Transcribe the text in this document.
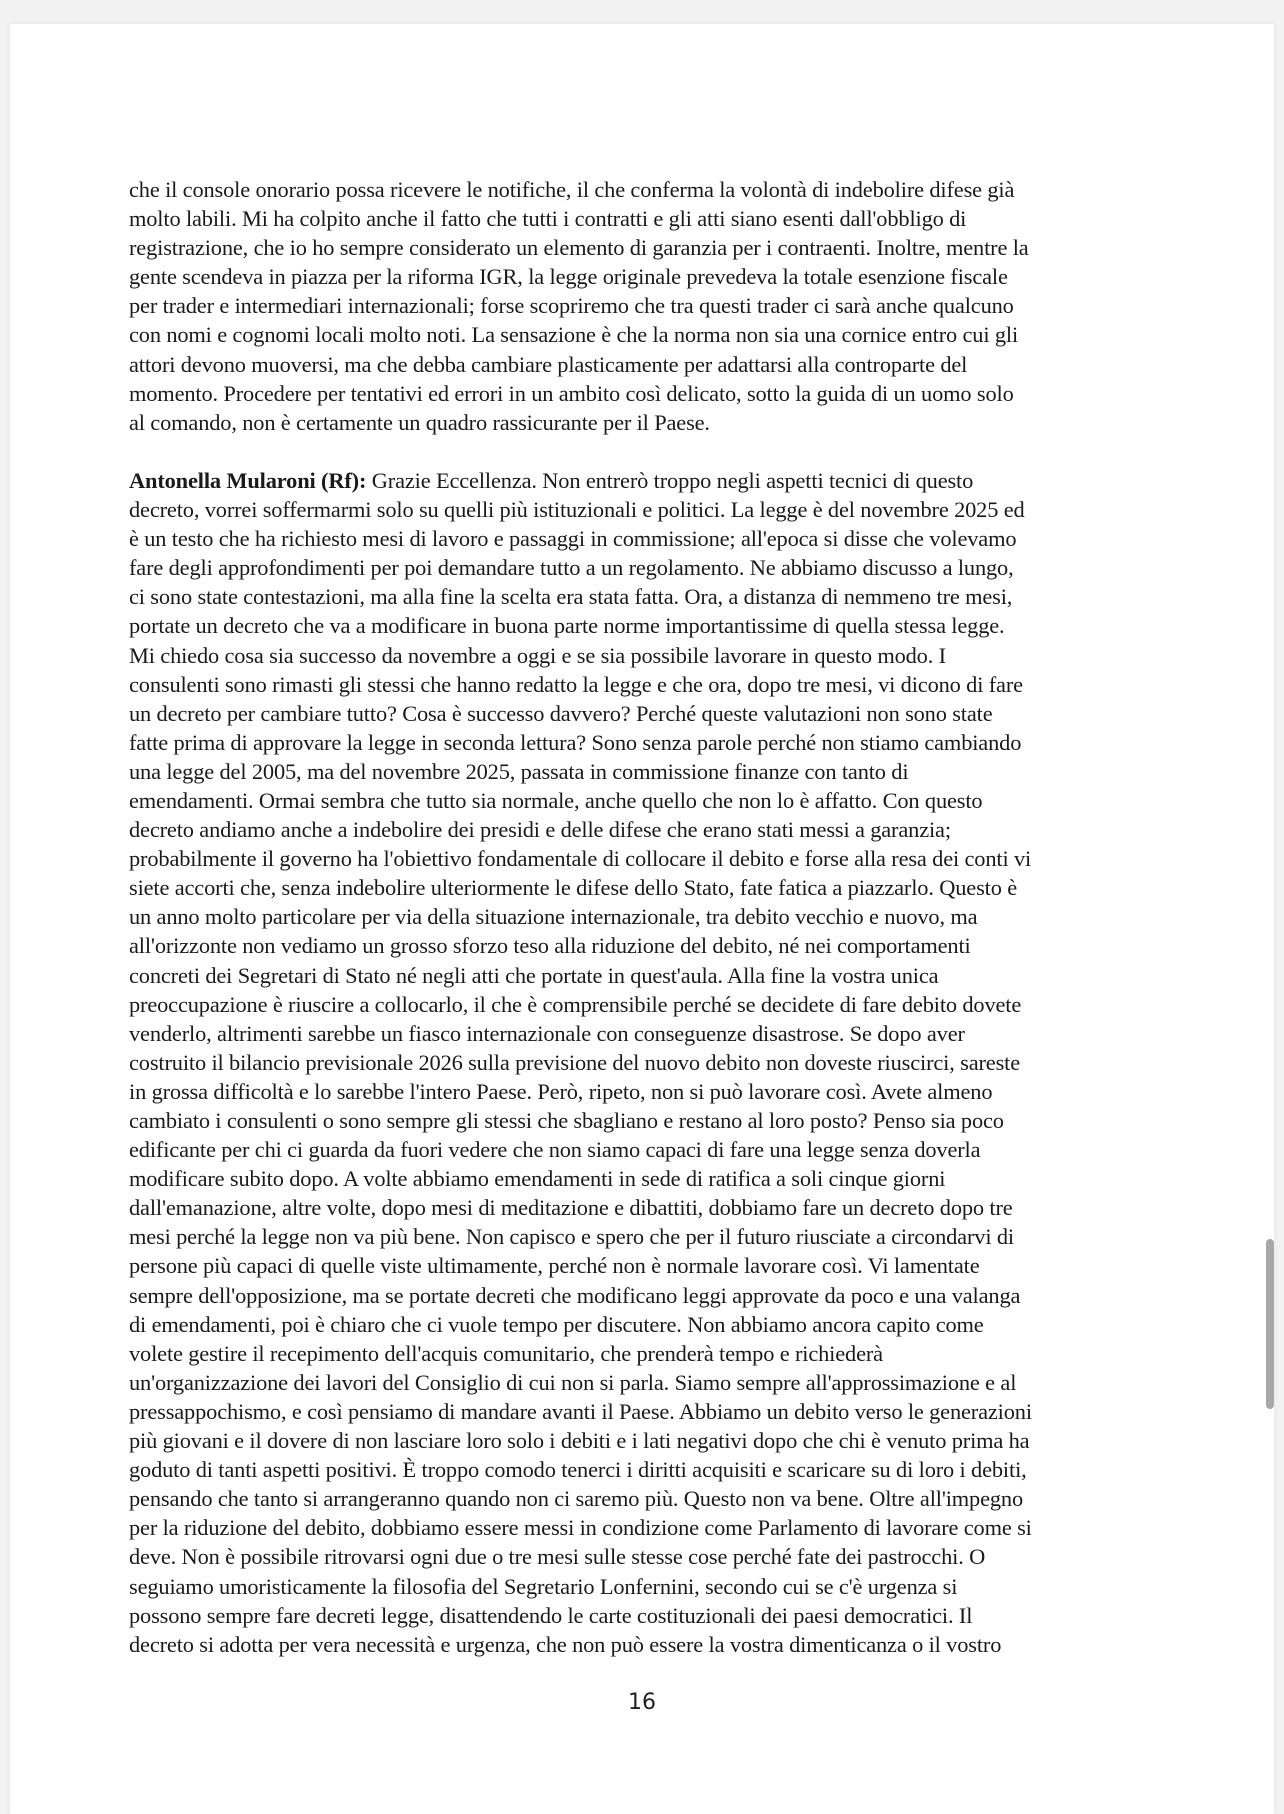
che il console onorario possa ricevere le notifiche, il che conferma la volontà di indebolire difese già
molto labili. Mi ha colpito anche il fatto che tutti i contratti e gli atti siano esenti dall'obbligo di
registrazione, che io ho sempre considerato un elemento di garanzia per i contraenti. Inoltre, mentre la
gente scendeva in piazza per la riforma IGR, la legge originale prevedeva la totale esenzione fiscale
per trader e intermediari internazionali; forse scopriremo che tra questi trader ci sarà anche qualcuno
con nomi e cognomi locali molto noti. La sensazione è che la norma non sia una cornice entro cui gli
attori devono muoversi, ma che debba cambiare plasticamente per adattarsi alla controparte del
momento. Procedere per tentativi ed errori in un ambito così delicato, sotto la guida di un uomo solo
al comando, non è certamente un quadro rassicurante per il Paese.

Antonella Mularoni (Rf): Grazie Eccellenza. Non entrerò troppo negli aspetti tecnici di questo
decreto, vorrei soffermarmi solo su quelli più istituzionali e politici. La legge è del novembre 2025 ed
è un testo che ha richiesto mesi di lavoro e passaggi in commissione; all'epoca si disse che volevamo
fare degli approfondimenti per poi demandare tutto a un regolamento. Ne abbiamo discusso a lungo,
ci sono state contestazioni, ma alla fine la scelta era stata fatta. Ora, a distanza di nemmeno tre mesi,
portate un decreto che va a modificare in buona parte norme importantissime di quella stessa legge.
Mi chiedo cosa sia successo da novembre a oggi e se sia possibile lavorare in questo modo. I
consulenti sono rimasti gli stessi che hanno redatto la legge e che ora, dopo tre mesi, vi dicono di fare
un decreto per cambiare tutto? Cosa è successo davvero? Perché queste valutazioni non sono state
fatte prima di approvare la legge in seconda lettura? Sono senza parole perché non stiamo cambiando
una legge del 2005, ma del novembre 2025, passata in commissione finanze con tanto di
emendamenti. Ormai sembra che tutto sia normale, anche quello che non lo è affatto. Con questo
decreto andiamo anche a indebolire dei presidi e delle difese che erano stati messi a garanzia;
probabilmente il governo ha l'obiettivo fondamentale di collocare il debito e forse alla resa dei conti vi
siete accorti che, senza indebolire ulteriormente le difese dello Stato, fate fatica a piazzarlo. Questo è
un anno molto particolare per via della situazione internazionale, tra debito vecchio e nuovo, ma
all'orizzonte non vediamo un grosso sforzo teso alla riduzione del debito, né nei comportamenti
concreti dei Segretari di Stato né negli atti che portate in quest'aula. Alla fine la vostra unica
preoccupazione è riuscire a collocarlo, il che è comprensibile perché se decidete di fare debito dovete
venderlo, altrimenti sarebbe un fiasco internazionale con conseguenze disastrose. Se dopo aver
costruito il bilancio previsionale 2026 sulla previsione del nuovo debito non doveste riuscirci, sareste
in grossa difficoltà e lo sarebbe l'intero Paese. Però, ripeto, non si può lavorare così. Avete almeno
cambiato i consulenti o sono sempre gli stessi che sbagliano e restano al loro posto? Penso sia poco
edificante per chi ci guarda da fuori vedere che non siamo capaci di fare una legge senza doverla
modificare subito dopo. A volte abbiamo emendamenti in sede di ratifica a soli cinque giorni
dall'emanazione, altre volte, dopo mesi di meditazione e dibattiti, dobbiamo fare un decreto dopo tre
mesi perché la legge non va più bene. Non capisco e spero che per il futuro riusciate a circondarvi di
persone più capaci di quelle viste ultimamente, perché non è normale lavorare così. Vi lamentate
sempre dell'opposizione, ma se portate decreti che modificano leggi approvate da poco e una valanga
di emendamenti, poi è chiaro che ci vuole tempo per discutere. Non abbiamo ancora capito come
volete gestire il recepimento dell'acquis comunitario, che prenderà tempo e richiederà
un'organizzazione dei lavori del Consiglio di cui non si parla. Siamo sempre all'approssimazione e al
pressappochismo, e così pensiamo di mandare avanti il Paese. Abbiamo un debito verso le generazioni
più giovani e il dovere di non lasciare loro solo i debiti e i lati negativi dopo che chi è venuto prima ha
goduto di tanti aspetti positivi. È troppo comodo tenerci i diritti acquisiti e scaricare su di loro i debiti,
pensando che tanto si arrangeranno quando non ci saremo più. Questo non va bene. Oltre all'impegno
per la riduzione del debito, dobbiamo essere messi in condizione come Parlamento di lavorare come si
deve. Non è possibile ritrovarsi ogni due o tre mesi sulle stesse cose perché fate dei pastrocchi. O
seguiamo umoristicamente la filosofia del Segretario Lonfernini, secondo cui se c'è urgenza si
possono sempre fare decreti legge, disattendendo le carte costituzionali dei paesi democratici. Il
decreto si adotta per vera necessità e urgenza, che non può essere la vostra dimenticanza o il vostro

16
